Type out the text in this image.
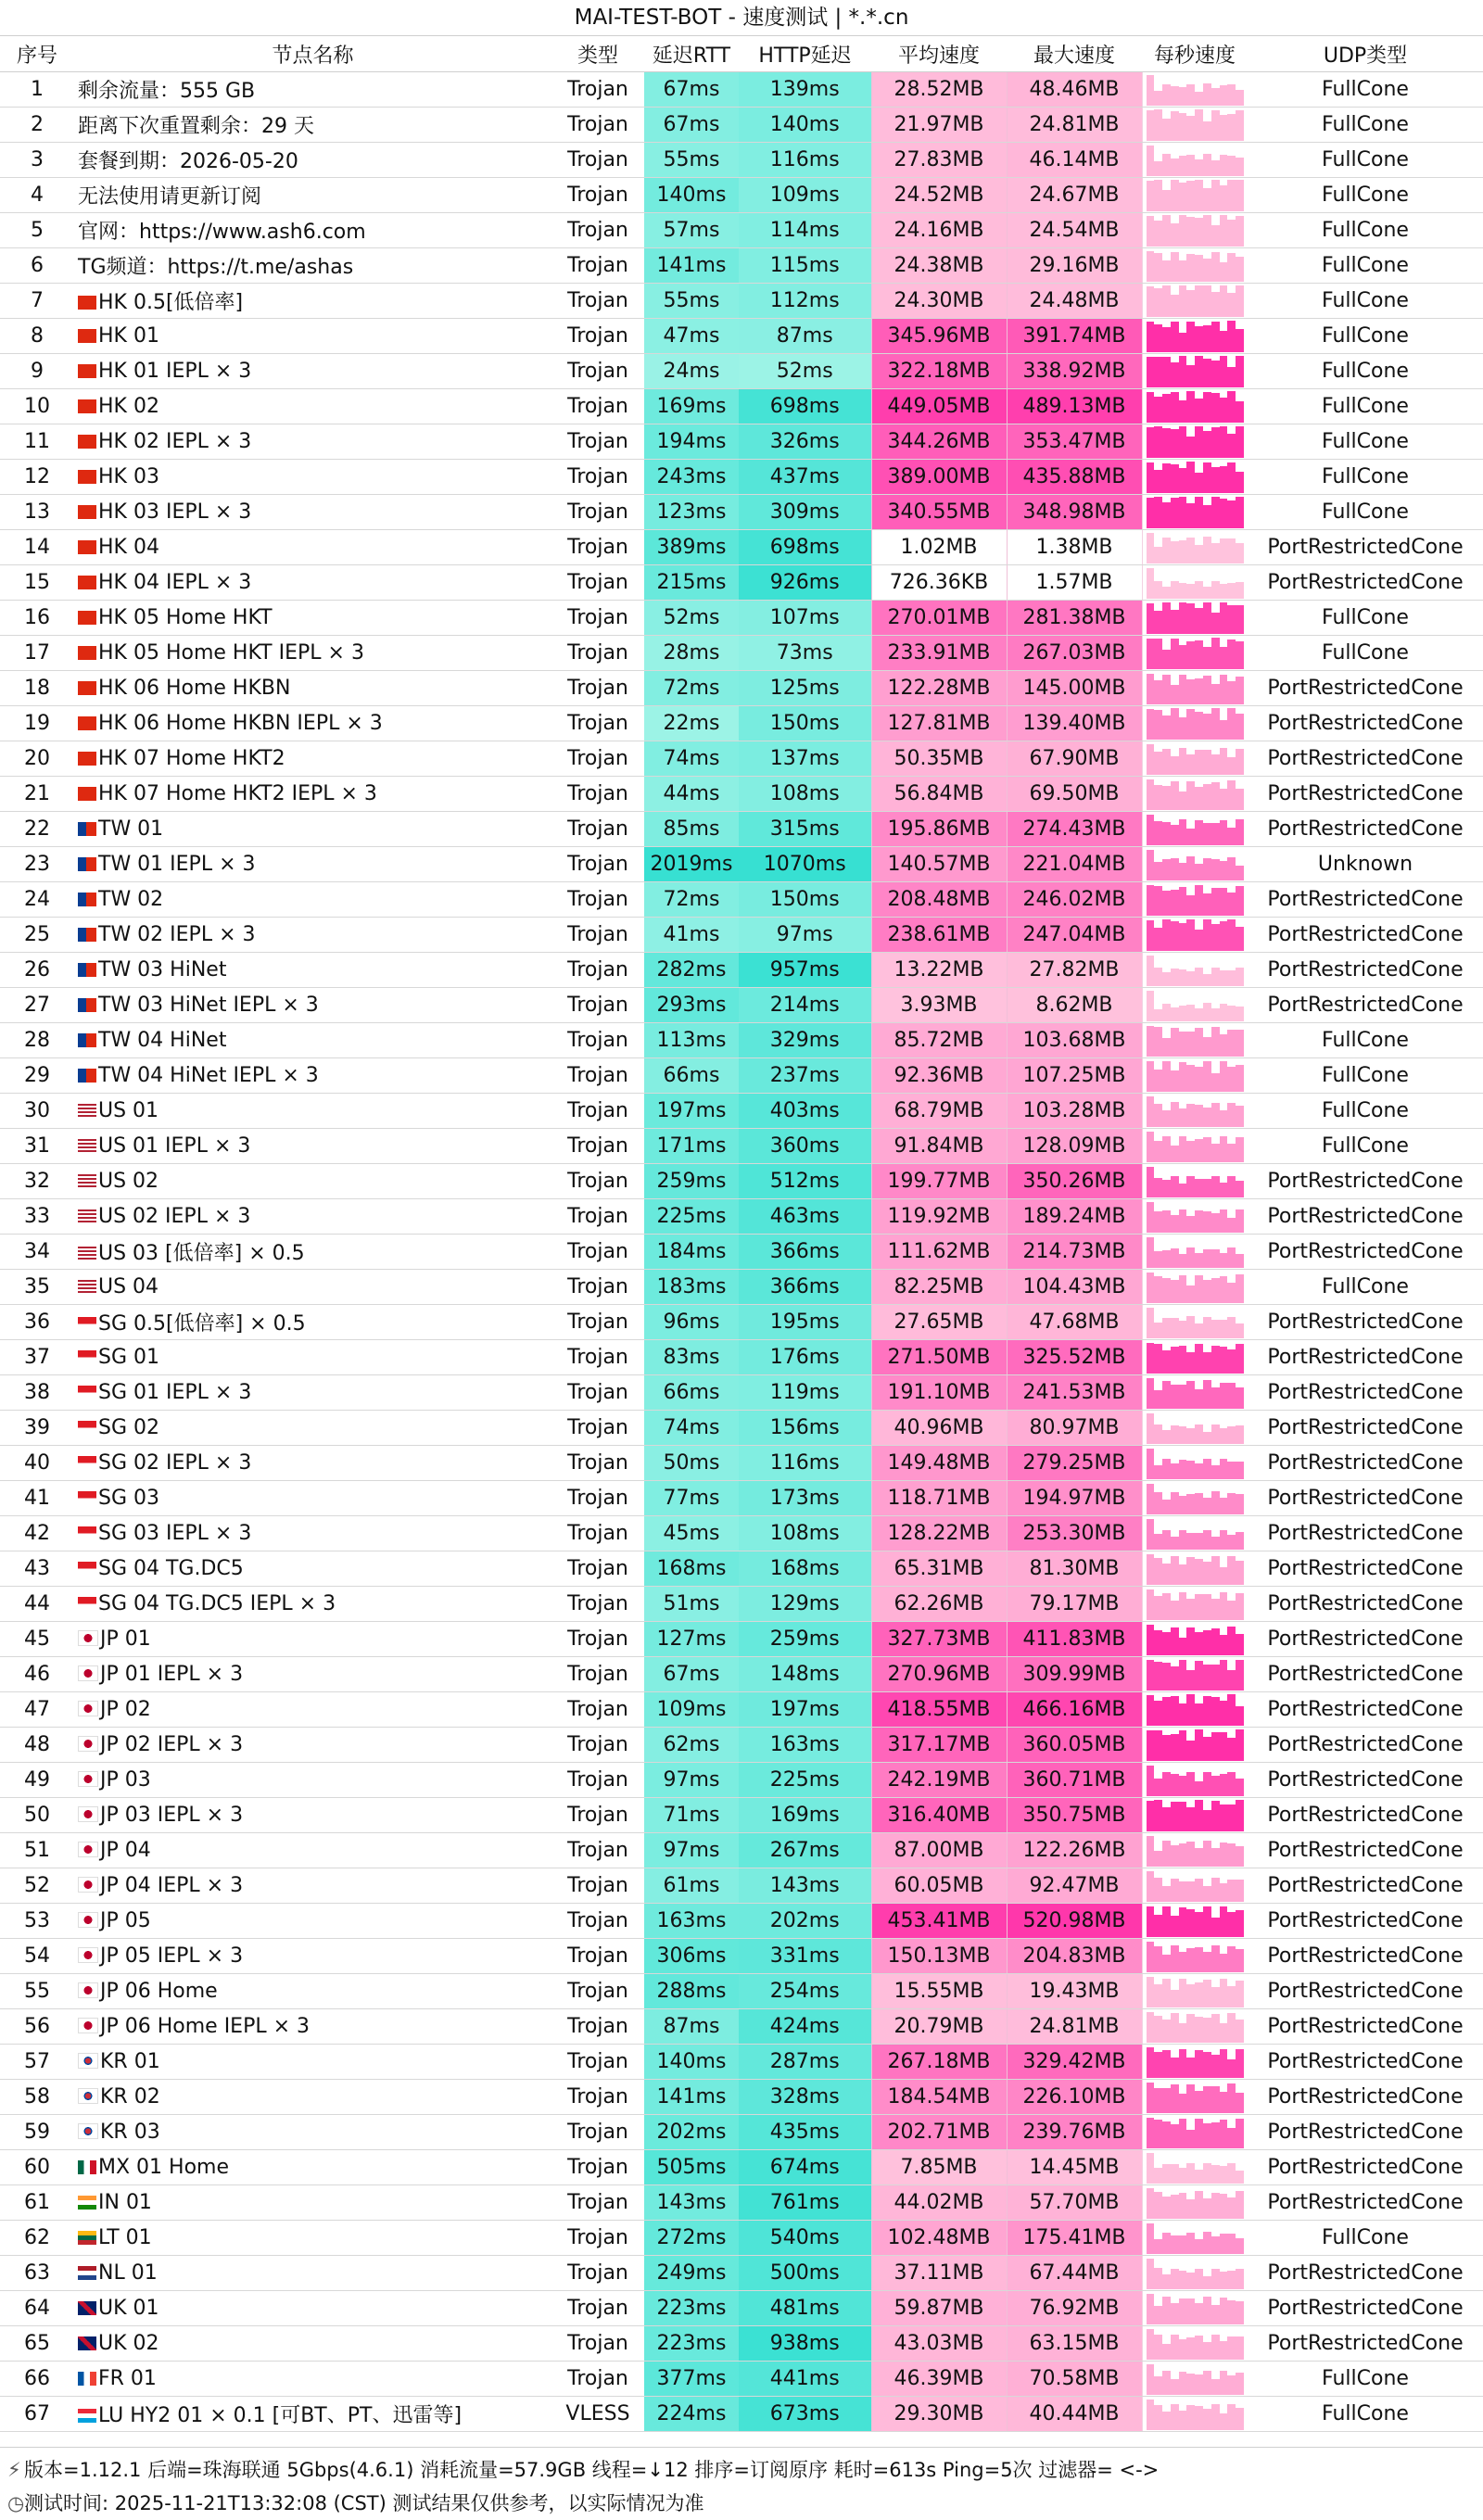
MAI-TEST-BOT - 速度测试 | *.*.cn
序号	节点名称	类型	延迟RTT	HTTP延迟	平均速度	最大速度	每秒速度	UDP类型
1	剩余流量：555 GB	Trojan	67ms	139ms	28.52MB	48.46MB		FullCone
2	距离下次重置剩余：29 天	Trojan	67ms	140ms	21.97MB	24.81MB		FullCone
3	套餐到期：2026-05-20	Trojan	55ms	116ms	27.83MB	46.14MB		FullCone
4	无法使用请更新订阅	Trojan	140ms	109ms	24.52MB	24.67MB		FullCone
5	官网：https://www.ash6.com	Trojan	57ms	114ms	24.16MB	24.54MB		FullCone
6	TG频道：https://t.me/ashas	Trojan	141ms	115ms	24.38MB	29.16MB		FullCone
7	HK 0.5[低倍率]	Trojan	55ms	112ms	24.30MB	24.48MB		FullCone
8	HK 01	Trojan	47ms	87ms	345.96MB	391.74MB		FullCone
9	HK 01 IEPL × 3	Trojan	24ms	52ms	322.18MB	338.92MB		FullCone
10	HK 02	Trojan	169ms	698ms	449.05MB	489.13MB		FullCone
11	HK 02 IEPL × 3	Trojan	194ms	326ms	344.26MB	353.47MB		FullCone
12	HK 03	Trojan	243ms	437ms	389.00MB	435.88MB		FullCone
13	HK 03 IEPL × 3	Trojan	123ms	309ms	340.55MB	348.98MB		FullCone
14	HK 04	Trojan	389ms	698ms	1.02MB	1.38MB		PortRestrictedCone
15	HK 04 IEPL × 3	Trojan	215ms	926ms	726.36KB	1.57MB		PortRestrictedCone
16	HK 05 Home HKT	Trojan	52ms	107ms	270.01MB	281.38MB		FullCone
17	HK 05 Home HKT IEPL × 3	Trojan	28ms	73ms	233.91MB	267.03MB		FullCone
18	HK 06 Home HKBN	Trojan	72ms	125ms	122.28MB	145.00MB		PortRestrictedCone
19	HK 06 Home HKBN IEPL × 3	Trojan	22ms	150ms	127.81MB	139.40MB		PortRestrictedCone
20	HK 07 Home HKT2	Trojan	74ms	137ms	50.35MB	67.90MB		PortRestrictedCone
21	HK 07 Home HKT2 IEPL × 3	Trojan	44ms	108ms	56.84MB	69.50MB		PortRestrictedCone
22	TW 01	Trojan	85ms	315ms	195.86MB	274.43MB		PortRestrictedCone
23	TW 01 IEPL × 3	Trojan	2019ms	1070ms	140.57MB	221.04MB		Unknown
24	TW 02	Trojan	72ms	150ms	208.48MB	246.02MB		PortRestrictedCone
25	TW 02 IEPL × 3	Trojan	41ms	97ms	238.61MB	247.04MB		PortRestrictedCone
26	TW 03 HiNet	Trojan	282ms	957ms	13.22MB	27.82MB		PortRestrictedCone
27	TW 03 HiNet IEPL × 3	Trojan	293ms	214ms	3.93MB	8.62MB		PortRestrictedCone
28	TW 04 HiNet	Trojan	113ms	329ms	85.72MB	103.68MB		FullCone
29	TW 04 HiNet IEPL × 3	Trojan	66ms	237ms	92.36MB	107.25MB		FullCone
30	US 01	Trojan	197ms	403ms	68.79MB	103.28MB		FullCone
31	US 01 IEPL × 3	Trojan	171ms	360ms	91.84MB	128.09MB		FullCone
32	US 02	Trojan	259ms	512ms	199.77MB	350.26MB		PortRestrictedCone
33	US 02 IEPL × 3	Trojan	225ms	463ms	119.92MB	189.24MB		PortRestrictedCone
34	US 03 [低倍率] × 0.5	Trojan	184ms	366ms	111.62MB	214.73MB		PortRestrictedCone
35	US 04	Trojan	183ms	366ms	82.25MB	104.43MB		FullCone
36	SG 0.5[低倍率] × 0.5	Trojan	96ms	195ms	27.65MB	47.68MB		PortRestrictedCone
37	SG 01	Trojan	83ms	176ms	271.50MB	325.52MB		PortRestrictedCone
38	SG 01 IEPL × 3	Trojan	66ms	119ms	191.10MB	241.53MB		PortRestrictedCone
39	SG 02	Trojan	74ms	156ms	40.96MB	80.97MB		PortRestrictedCone
40	SG 02 IEPL × 3	Trojan	50ms	116ms	149.48MB	279.25MB		PortRestrictedCone
41	SG 03	Trojan	77ms	173ms	118.71MB	194.97MB		PortRestrictedCone
42	SG 03 IEPL × 3	Trojan	45ms	108ms	128.22MB	253.30MB		PortRestrictedCone
43	SG 04 TG.DC5	Trojan	168ms	168ms	65.31MB	81.30MB		PortRestrictedCone
44	SG 04 TG.DC5 IEPL × 3	Trojan	51ms	129ms	62.26MB	79.17MB		PortRestrictedCone
45	JP 01	Trojan	127ms	259ms	327.73MB	411.83MB		PortRestrictedCone
46	JP 01 IEPL × 3	Trojan	67ms	148ms	270.96MB	309.99MB		PortRestrictedCone
47	JP 02	Trojan	109ms	197ms	418.55MB	466.16MB		PortRestrictedCone
48	JP 02 IEPL × 3	Trojan	62ms	163ms	317.17MB	360.05MB		PortRestrictedCone
49	JP 03	Trojan	97ms	225ms	242.19MB	360.71MB		PortRestrictedCone
50	JP 03 IEPL × 3	Trojan	71ms	169ms	316.40MB	350.75MB		PortRestrictedCone
51	JP 04	Trojan	97ms	267ms	87.00MB	122.26MB		PortRestrictedCone
52	JP 04 IEPL × 3	Trojan	61ms	143ms	60.05MB	92.47MB		PortRestrictedCone
53	JP 05	Trojan	163ms	202ms	453.41MB	520.98MB		PortRestrictedCone
54	JP 05 IEPL × 3	Trojan	306ms	331ms	150.13MB	204.83MB		PortRestrictedCone
55	JP 06 Home	Trojan	288ms	254ms	15.55MB	19.43MB		PortRestrictedCone
56	JP 06 Home IEPL × 3	Trojan	87ms	424ms	20.79MB	24.81MB		PortRestrictedCone
57	KR 01	Trojan	140ms	287ms	267.18MB	329.42MB		PortRestrictedCone
58	KR 02	Trojan	141ms	328ms	184.54MB	226.10MB		PortRestrictedCone
59	KR 03	Trojan	202ms	435ms	202.71MB	239.76MB		PortRestrictedCone
60	MX 01 Home	Trojan	505ms	674ms	7.85MB	14.45MB		PortRestrictedCone
61	IN 01	Trojan	143ms	761ms	44.02MB	57.70MB		PortRestrictedCone
62	LT 01	Trojan	272ms	540ms	102.48MB	175.41MB		FullCone
63	NL 01	Trojan	249ms	500ms	37.11MB	67.44MB		PortRestrictedCone
64	UK 01	Trojan	223ms	481ms	59.87MB	76.92MB		PortRestrictedCone
65	UK 02	Trojan	223ms	938ms	43.03MB	63.15MB		PortRestrictedCone
66	FR 01	Trojan	377ms	441ms	46.39MB	70.58MB		FullCone
67	LU HY2 01 × 0.1 [可BT、PT、迅雷等]	VLESS	224ms	673ms	29.30MB	40.44MB		FullCone
⚡ 版本=1.12.1 后端=珠海联通 5Gbps(4.6.1) 消耗流量=57.9GB 线程=↓12 排序=订阅原序 耗时=613s Ping=5次 过滤器= <->
◷测试时间: 2025-11-21T13:32:08 (CST) 测试结果仅供参考，以实际情况为准
